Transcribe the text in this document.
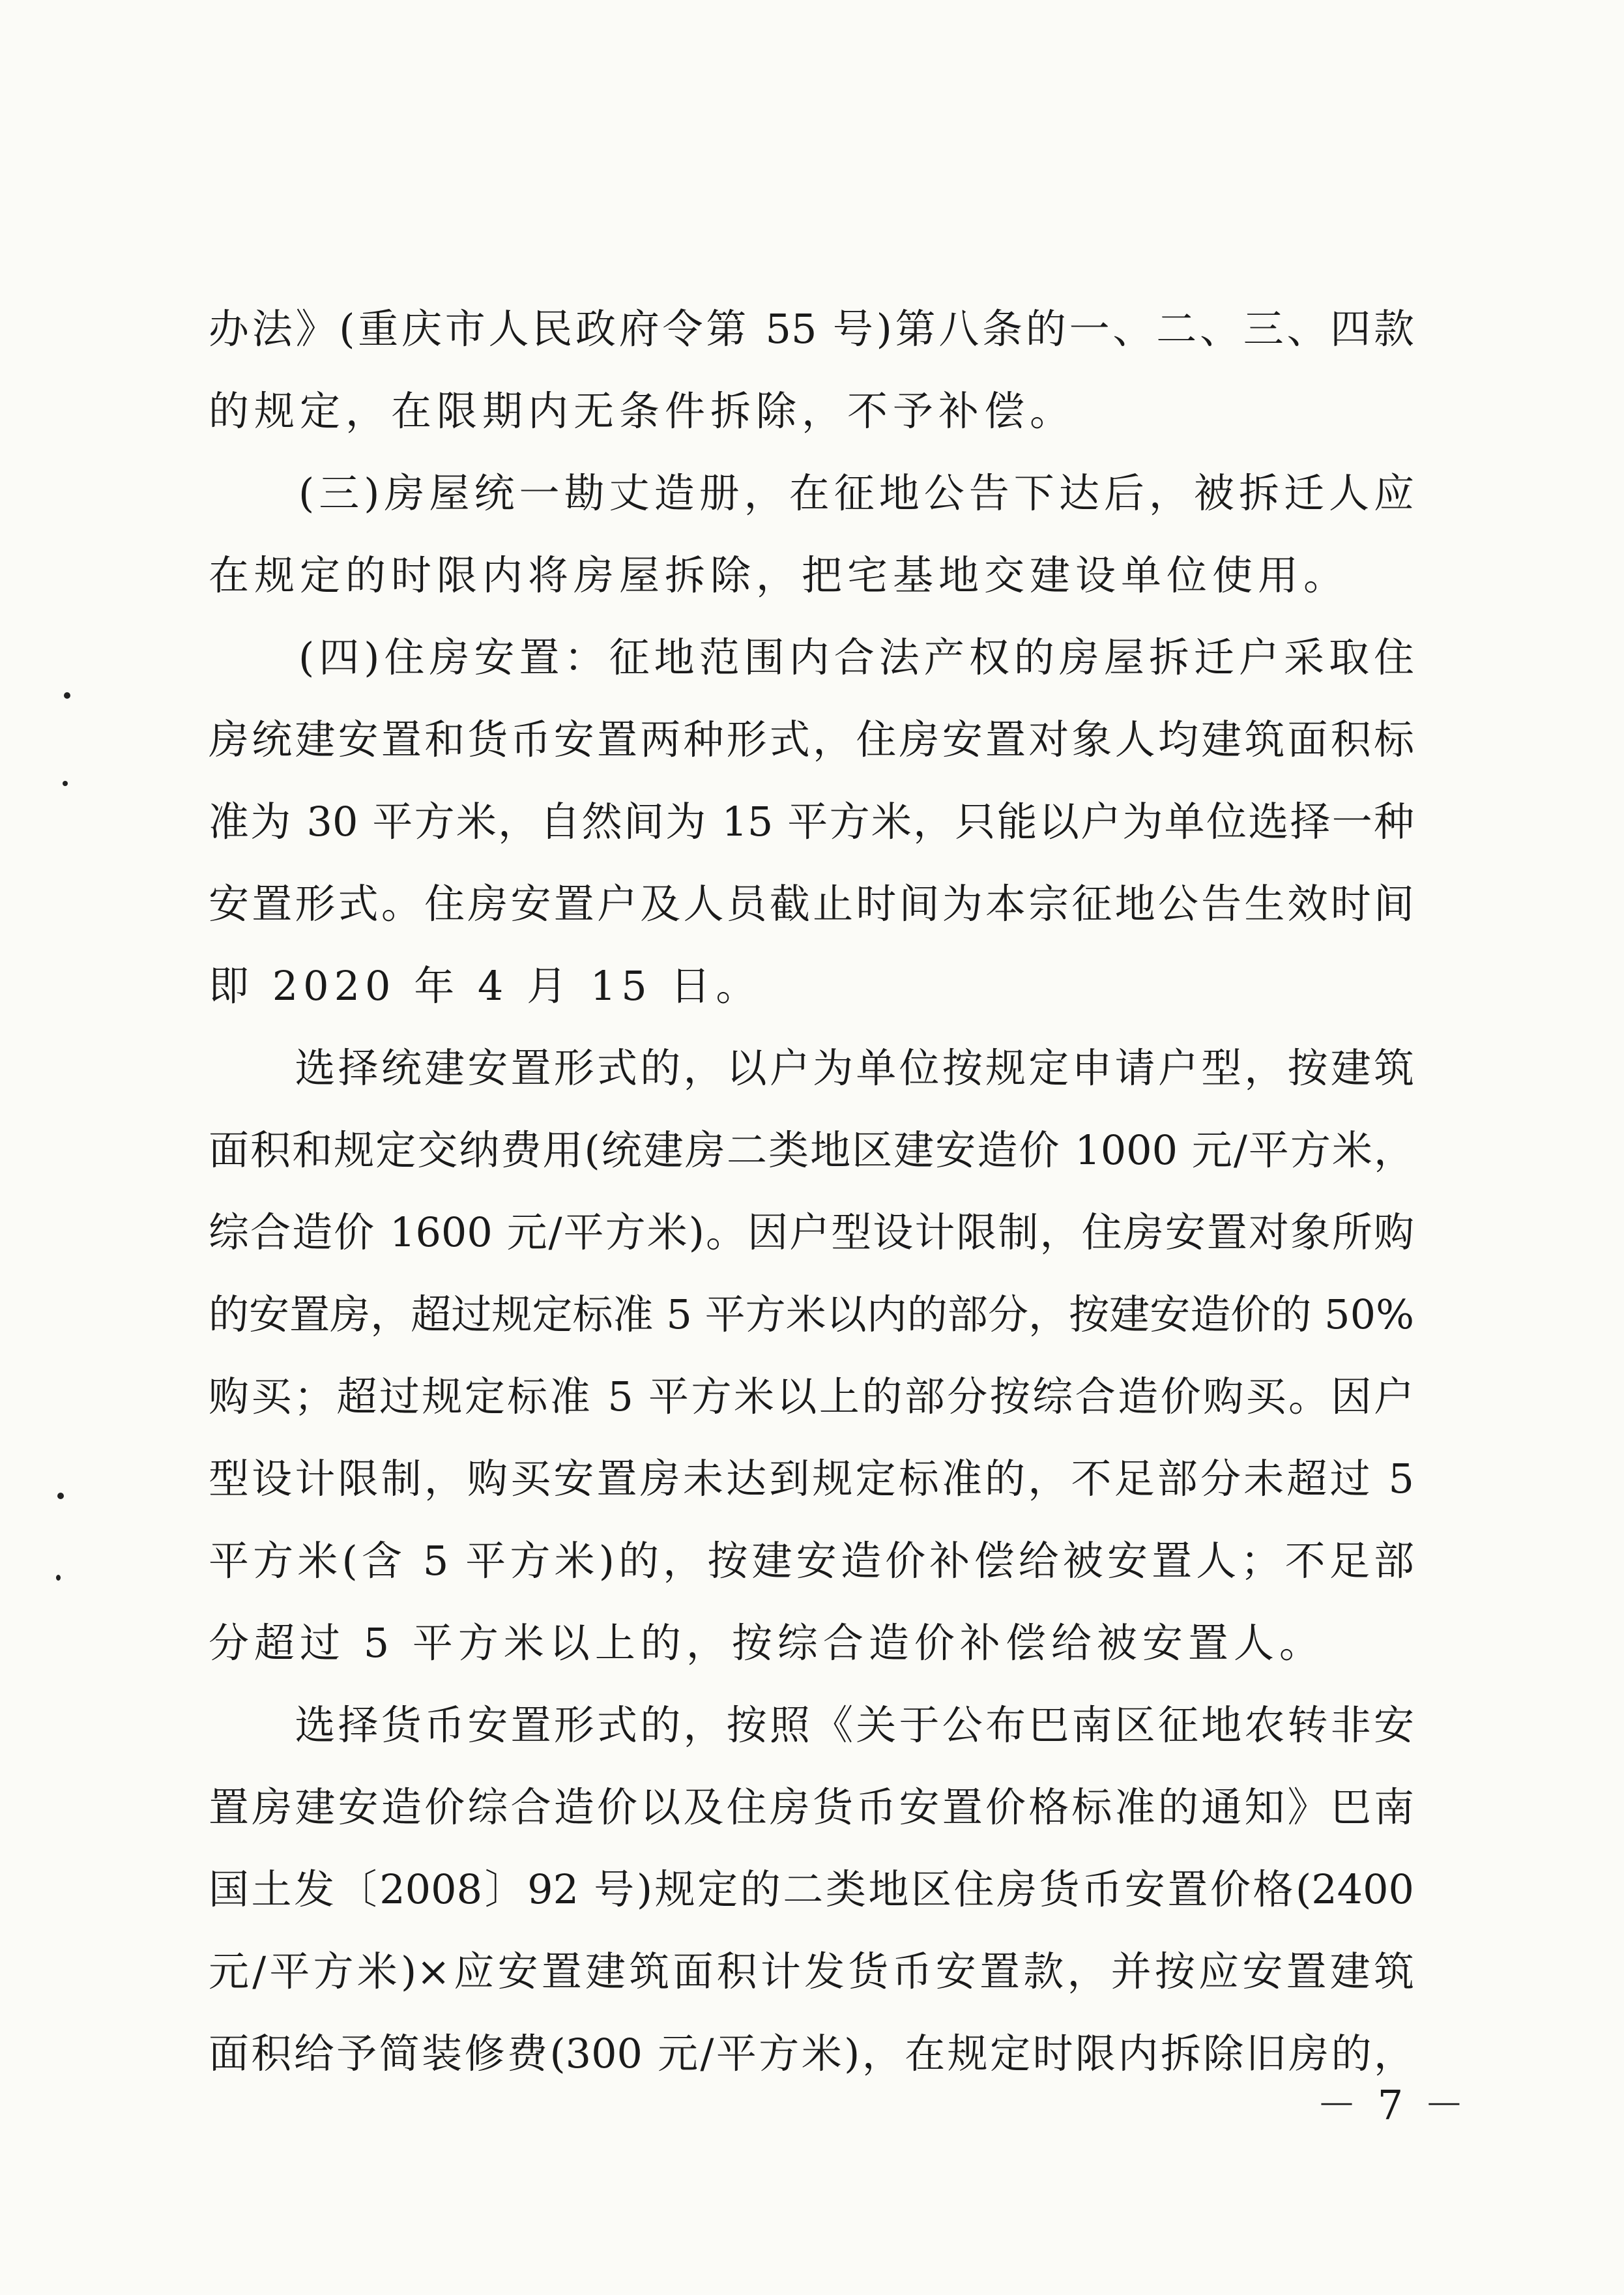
办法》(重庆市人民政府令第 55 号)第八条的一、二、三、四款
的规定，在限期内无条件拆除，不予补偿。
　　(三)房屋统一勘丈造册，在征地公告下达后，被拆迁人应
在规定的时限内将房屋拆除，把宅基地交建设单位使用。
　　(四)住房安置：征地范围内合法产权的房屋拆迁户采取住
房统建安置和货币安置两种形式，住房安置对象人均建筑面积标
准为 30 平方米，自然间为 15 平方米，只能以户为单位选择一种
安置形式。住房安置户及人员截止时间为本宗征地公告生效时间
即 2020 年 4 月 15 日。
　　选择统建安置形式的，以户为单位按规定申请户型，按建筑
面积和规定交纳费用(统建房二类地区建安造价 1000 元/平方米，
综合造价 1600 元/平方米)。因户型设计限制，住房安置对象所购
的安置房，超过规定标准 5 平方米以内的部分，按建安造价的 50%
购买；超过规定标准 5 平方米以上的部分按综合造价购买。因户
型设计限制，购买安置房未达到规定标准的，不足部分未超过 5
平方米(含 5 平方米)的，按建安造价补偿给被安置人；不足部
分超过 5 平方米以上的，按综合造价补偿给被安置人。
　　选择货币安置形式的，按照《关于公布巴南区征地农转非安
置房建安造价综合造价以及住房货币安置价格标准的通知》巴南
国土发〔2008〕92 号)规定的二类地区住房货币安置价格(2400
元/平方米)×应安置建筑面积计发货币安置款，并按应安置建筑
面积给予简装修费(300 元/平方米)，在规定时限内拆除旧房的，
－ 7 －
